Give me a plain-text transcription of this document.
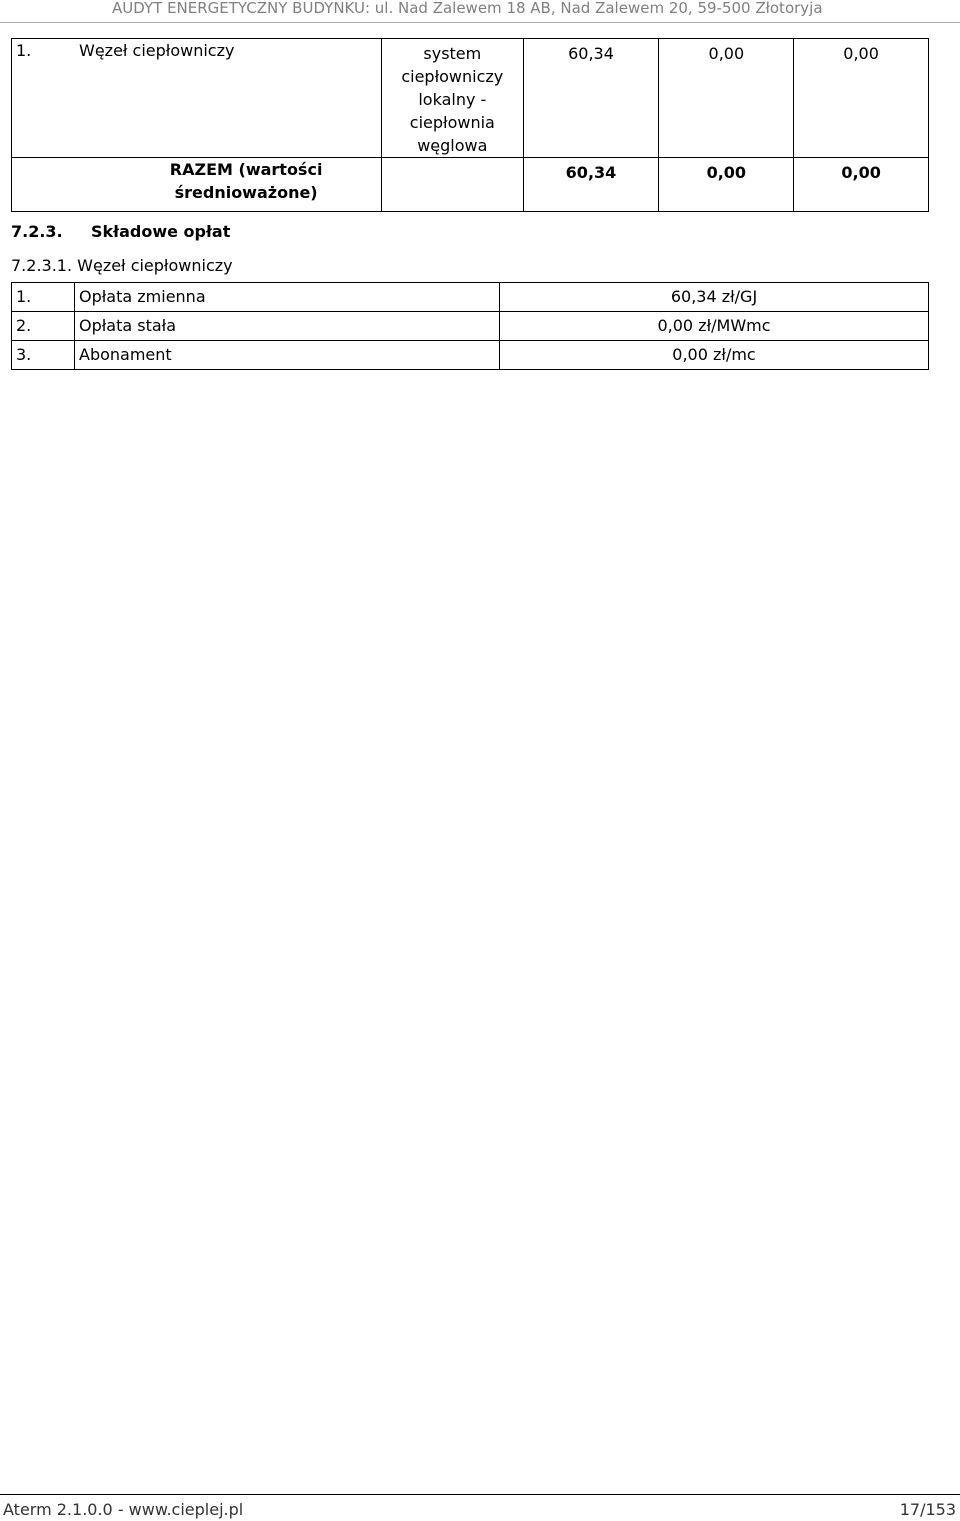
AUDYT ENERGETYCZNY BUDYNKU: ul. Nad Zalewem 18 AB, Nad Zalewem 20, 59-500 Złotoryja
1. Węzeł ciepłowniczy	system
ciepłowniczy
lokalny -
ciepłownia
węglowa	60,34	0,00	0,00

RAZEM (wartości
średnioważone)		60,34	0,00	0,00
7.2.3. Składowe opłat
7.2.3.1. Węzeł ciepłowniczy
1.	Opłata zmienna	60,34 zł/GJ
2.	Opłata stała	0,00 zł/MWmc
3.	Abonament	0,00 zł/mc
Aterm 2.1.0.0 - www.cieplej.pl	17/153
